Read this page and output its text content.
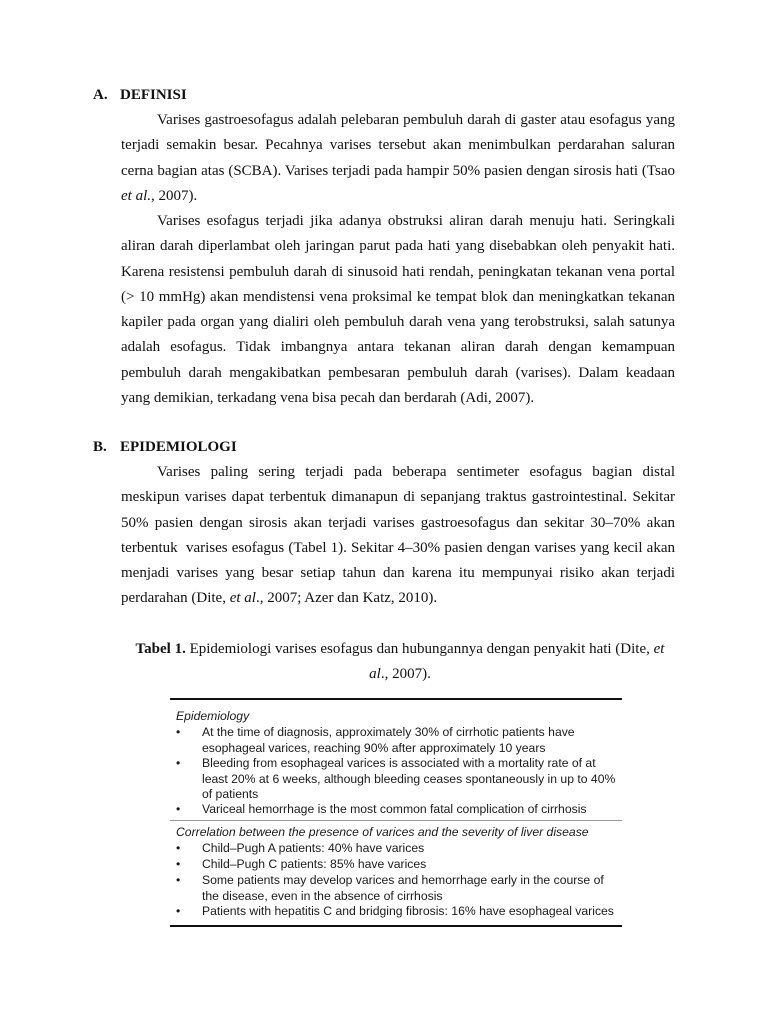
A. DEFINISI

Varises gastroesofagus adalah pelebaran pembuluh darah di gaster atau esofagus yang terjadi semakin besar. Pecahnya varises tersebut akan menimbulkan perdarahan saluran cerna bagian atas (SCBA). Varises terjadi pada hampir 50% pasien dengan sirosis hati (Tsao et al., 2007).

Varises esofagus terjadi jika adanya obstruksi aliran darah menuju hati. Seringkali aliran darah diperlambat oleh jaringan parut pada hati yang disebabkan oleh penyakit hati. Karena resistensi pembuluh darah di sinusoid hati rendah, peningkatan tekanan vena portal (> 10 mmHg) akan mendistensi vena proksimal ke tempat blok dan meningkatkan tekanan kapiler pada organ yang dialiri oleh pembuluh darah vena yang terobstruksi, salah satunya adalah esofagus. Tidak imbangnya antara tekanan aliran darah dengan kemampuan pembuluh darah mengakibatkan pembesaran pembuluh darah (varises). Dalam keadaan yang demikian, terkadang vena bisa pecah dan berdarah (Adi, 2007).

B. EPIDEMIOLOGI

Varises paling sering terjadi pada beberapa sentimeter esofagus bagian distal meskipun varises dapat terbentuk dimanapun di sepanjang traktus gastrointestinal. Sekitar 50% pasien dengan sirosis akan terjadi varises gastroesofagus dan sekitar 30–70% akan terbentuk  varises esofagus (Tabel 1). Sekitar 4–30% pasien dengan varises yang kecil akan menjadi varises yang besar setiap tahun dan karena itu mempunyai risiko akan terjadi perdarahan (Dite, et al., 2007; Azer dan Katz, 2010).

Tabel 1. Epidemiologi varises esofagus dan hubungannya dengan penyakit hati (Dite, et
al., 2007).

Epidemiology
•	At the time of diagnosis, approximately 30% of cirrhotic patients have esophageal varices, reaching 90% after approximately 10 years
•	Bleeding from esophageal varices is associated with a mortality rate of at least 20% at 6 weeks, although bleeding ceases spontaneously in up to 40% of patients
•	Variceal hemorrhage is the most common fatal complication of cirrhosis
Correlation between the presence of varices and the severity of liver disease
•	Child–Pugh A patients: 40% have varices
•	Child–Pugh C patients: 85% have varices
•	Some patients may develop varices and hemorrhage early in the course of the disease, even in the absence of cirrhosis
•	Patients with hepatitis C and bridging fibrosis: 16% have esophageal varices
